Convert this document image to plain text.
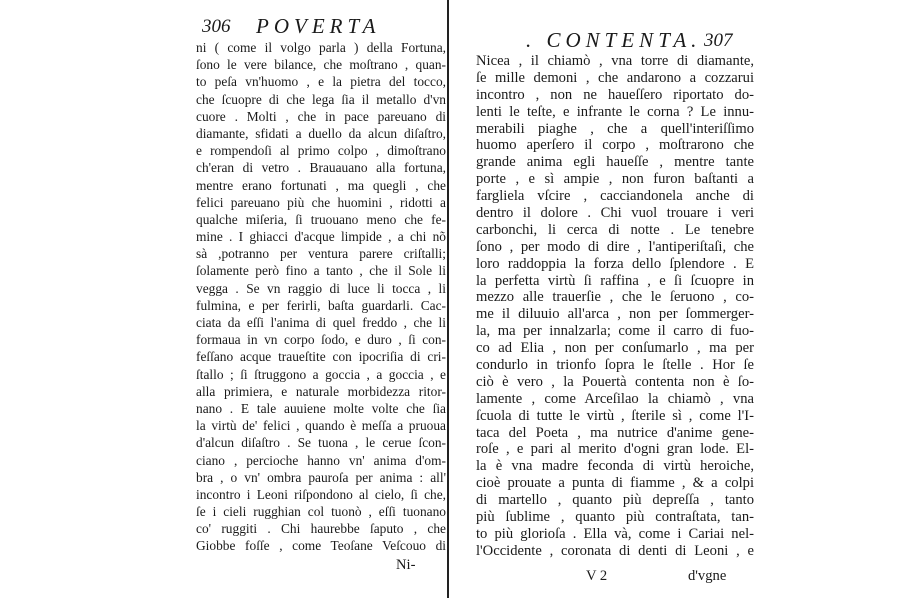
306 POVERTA
ni ( come il volgo parla ) della Fortuna,
ſono le vere bilance, che moſtrano , quan-
to peſa vn'huomo , e la pietra del tocco,
che ſcuopre di che lega ſia il metallo d'vn
cuore . Molti , che in pace pareuano di
diamante, sfidati a duello da alcun diſaſtro,
e rompendoſi al primo colpo , dimoſtrano
ch'eran di vetro . Brauauano alla fortuna,
mentre erano fortunati , ma quegli , che
felici pareuano più che huomini , ridotti a
qualche miſeria, ſi truouano meno che fe-
mine . I ghiacci d'acque limpide , a chi nõ
sà ,potranno per ventura parere criſtalli;
ſolamente però fino a tanto , che il Sole li
vegga . Se vn raggio di luce li tocca , li
fulmina, e per ferirli, baſta guardarli. Cac-
ciata da eſſi l'anima di quel freddo , che li
formaua in vn corpo ſodo, e duro , ſi con-
feſſano acque traueſtite con ipocriſia di cri-
ſtallo ; ſi ſtruggono a goccia , a goccia , e
alla primiera, e naturale morbidezza ritor-
nano . E tale auuiene molte volte che ſia
la virtù de' felici , quando è meſſa a pruoua
d'alcun diſaſtro . Se tuona , le cerue ſcon-
ciano , percioche hanno vn' anima d'om-
bra , o vn' ombra pauroſa per anima : all'
incontro i Leoni riſpondono al cielo, ſi che,
ſe i cieli rugghian col tuonò , eſſi tuonano
co' ruggiti . Chi haurebbe ſaputo , che
Giobbe foſſe , come Teoſane Veſcouo di
Ni-
. CONTENTA. 307
Nicea , il chiamò , vna torre di diamante,
ſe mille demoni , che andarono a cozzarui
incontro , non ne haueſſero riportato do-
lenti le teſte, e infrante le corna ? Le innu-
merabili piaghe , che a quell'interiſſimo
huomo aperſero il corpo , moſtrarono che
grande anima egli haueſſe , mentre tante
porte , e sì ampie , non furon baſtanti a
fargliela vſcire , cacciandonela anche di
dentro il dolore . Chi vuol trouare i veri
carbonchi, li cerca di notte . Le tenebre
ſono , per modo di dire , l'antiperiſtaſi, che
loro raddoppia la forza dello ſplendore . E
la perfetta virtù ſi raffina , e ſi ſcuopre in
mezzo alle trauerſie , che le ſeruono , co-
me il diluuio all'arca , non per ſommerger-
la, ma per innalzarla; come il carro di fuo-
co ad Elia , non per conſumarlo , ma per
condurlo in trionfo ſopra le ſtelle . Hor ſe
ciò è vero , la Pouertà contenta non è ſo-
lamente , come Arceſilao la chiamò , vna
ſcuola di tutte le virtù , ſterile sì , come l'I-
taca del Poeta , ma nutrice d'anime gene-
roſe , e pari al merito d'ogni gran lode. El-
la è vna madre feconda di virtù heroiche,
cioè prouate a punta di fiamme , & a colpi
di martello , quanto più depreſſa , tanto
più ſublime , quanto più contraſtata, tan-
to più glorioſa . Ella và, come i Cariai nel-
l'Occidente , coronata di denti di Leoni , e
V 2	d'vgne
